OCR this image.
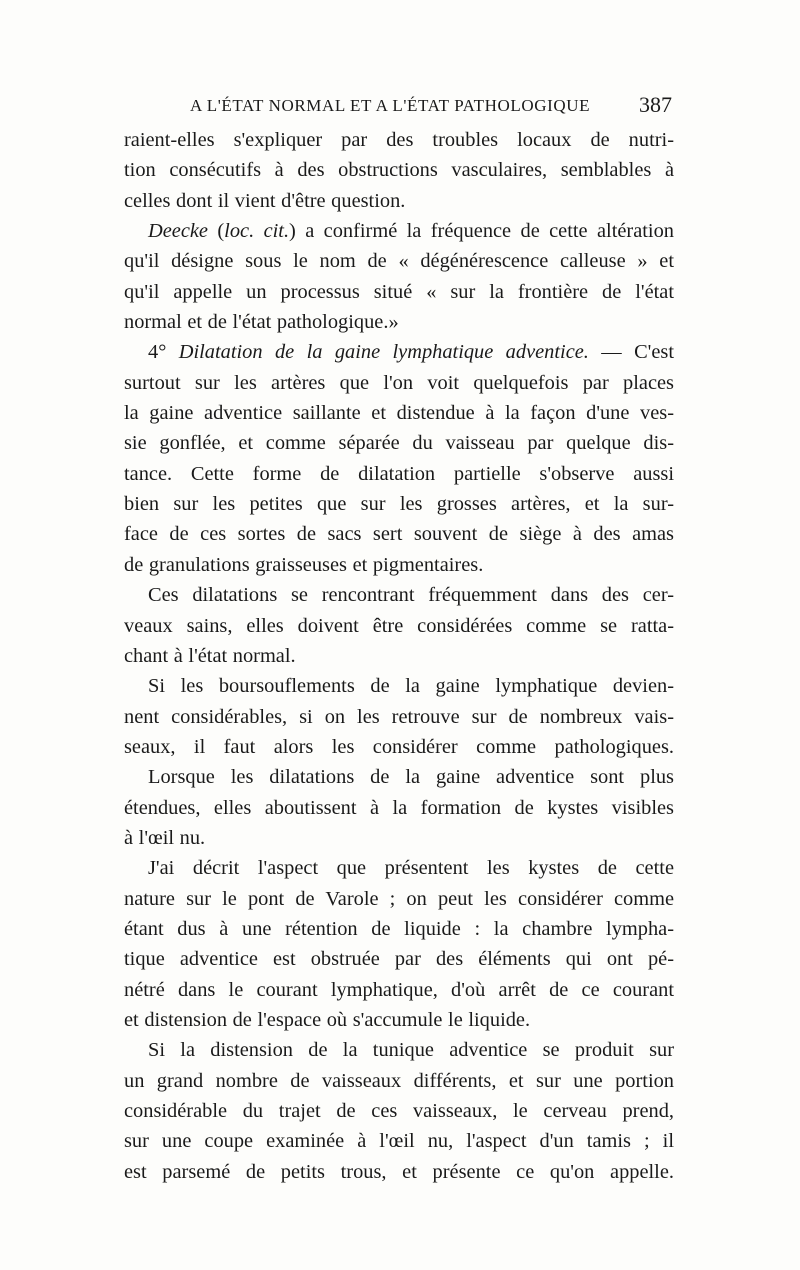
A L'ÉTAT NORMAL ET A L'ÉTAT PATHOLOGIQUE 387
raient-elles s'expliquer par des troubles locaux de nutri-
tion consécutifs à des obstructions vasculaires, semblables à
celles dont il vient d'être question.
Deecke (loc. cit.) a confirmé la fréquence de cette altération
qu'il désigne sous le nom de « dégénérescence calleuse » et
qu'il appelle un processus situé « sur la frontière de l'état
normal et de l'état pathologique.»
4° Dilatation de la gaine lymphatique adventice. — C'est
surtout sur les artères que l'on voit quelquefois par places
la gaine adventice saillante et distendue à la façon d'une ves-
sie gonflée, et comme séparée du vaisseau par quelque dis-
tance. Cette forme de dilatation partielle s'observe aussi
bien sur les petites que sur les grosses artères, et la sur-
face de ces sortes de sacs sert souvent de siège à des amas
de granulations graisseuses et pigmentaires.
Ces dilatations se rencontrant fréquemment dans des cer-
veaux sains, elles doivent être considérées comme se ratta-
chant à l'état normal.
Si les boursouflements de la gaine lymphatique devien-
nent considérables, si on les retrouve sur de nombreux vais-
seaux, il faut alors les considérer comme pathologiques.
Lorsque les dilatations de la gaine adventice sont plus
étendues, elles aboutissent à la formation de kystes visibles
à l'œil nu.
J'ai décrit l'aspect que présentent les kystes de cette
nature sur le pont de Varole ; on peut les considérer comme
étant dus à une rétention de liquide : la chambre lympha-
tique adventice est obstruée par des éléments qui ont pé-
nétré dans le courant lymphatique, d'où arrêt de ce courant
et distension de l'espace où s'accumule le liquide.
Si la distension de la tunique adventice se produit sur
un grand nombre de vaisseaux différents, et sur une portion
considérable du trajet de ces vaisseaux, le cerveau prend,
sur une coupe examinée à l'œil nu, l'aspect d'un tamis ; il
est parsemé de petits trous, et présente ce qu'on appelle.
